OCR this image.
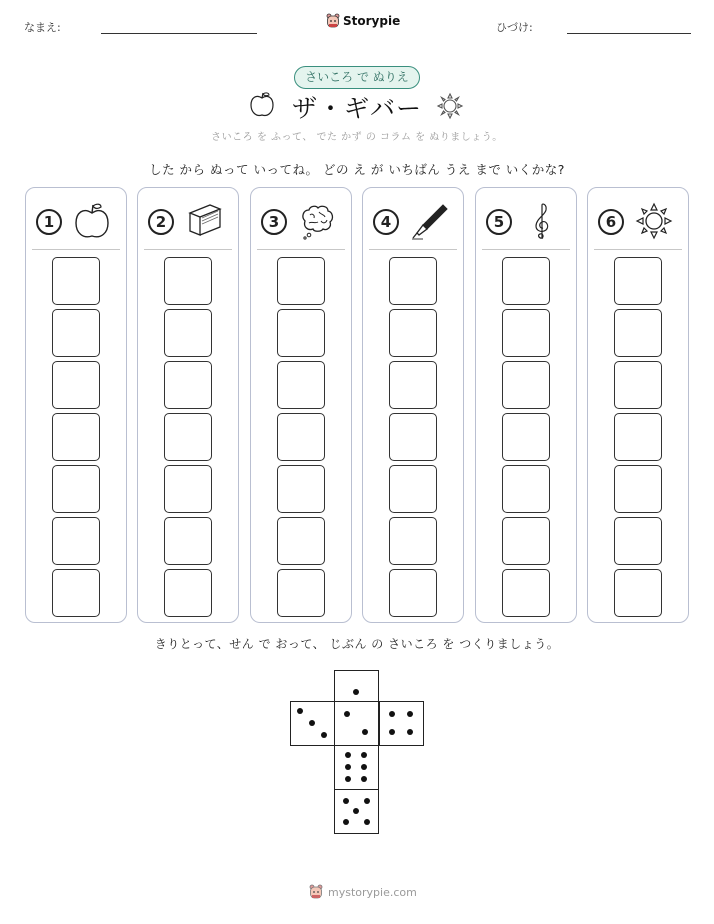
なまえ:	Storypie	ひづけ:
さいころ で ぬりえ
ザ・ギバー
さいころ を ふって、 でた かず の コラム を ぬりましょう。
した から ぬって いってね。 どの え が いちばん うえ まで いくかな?
1	2	3	4	5	6
きりとって、せん で おって、 じぶん の さいころ を つくりましょう。
mystorypie.com
